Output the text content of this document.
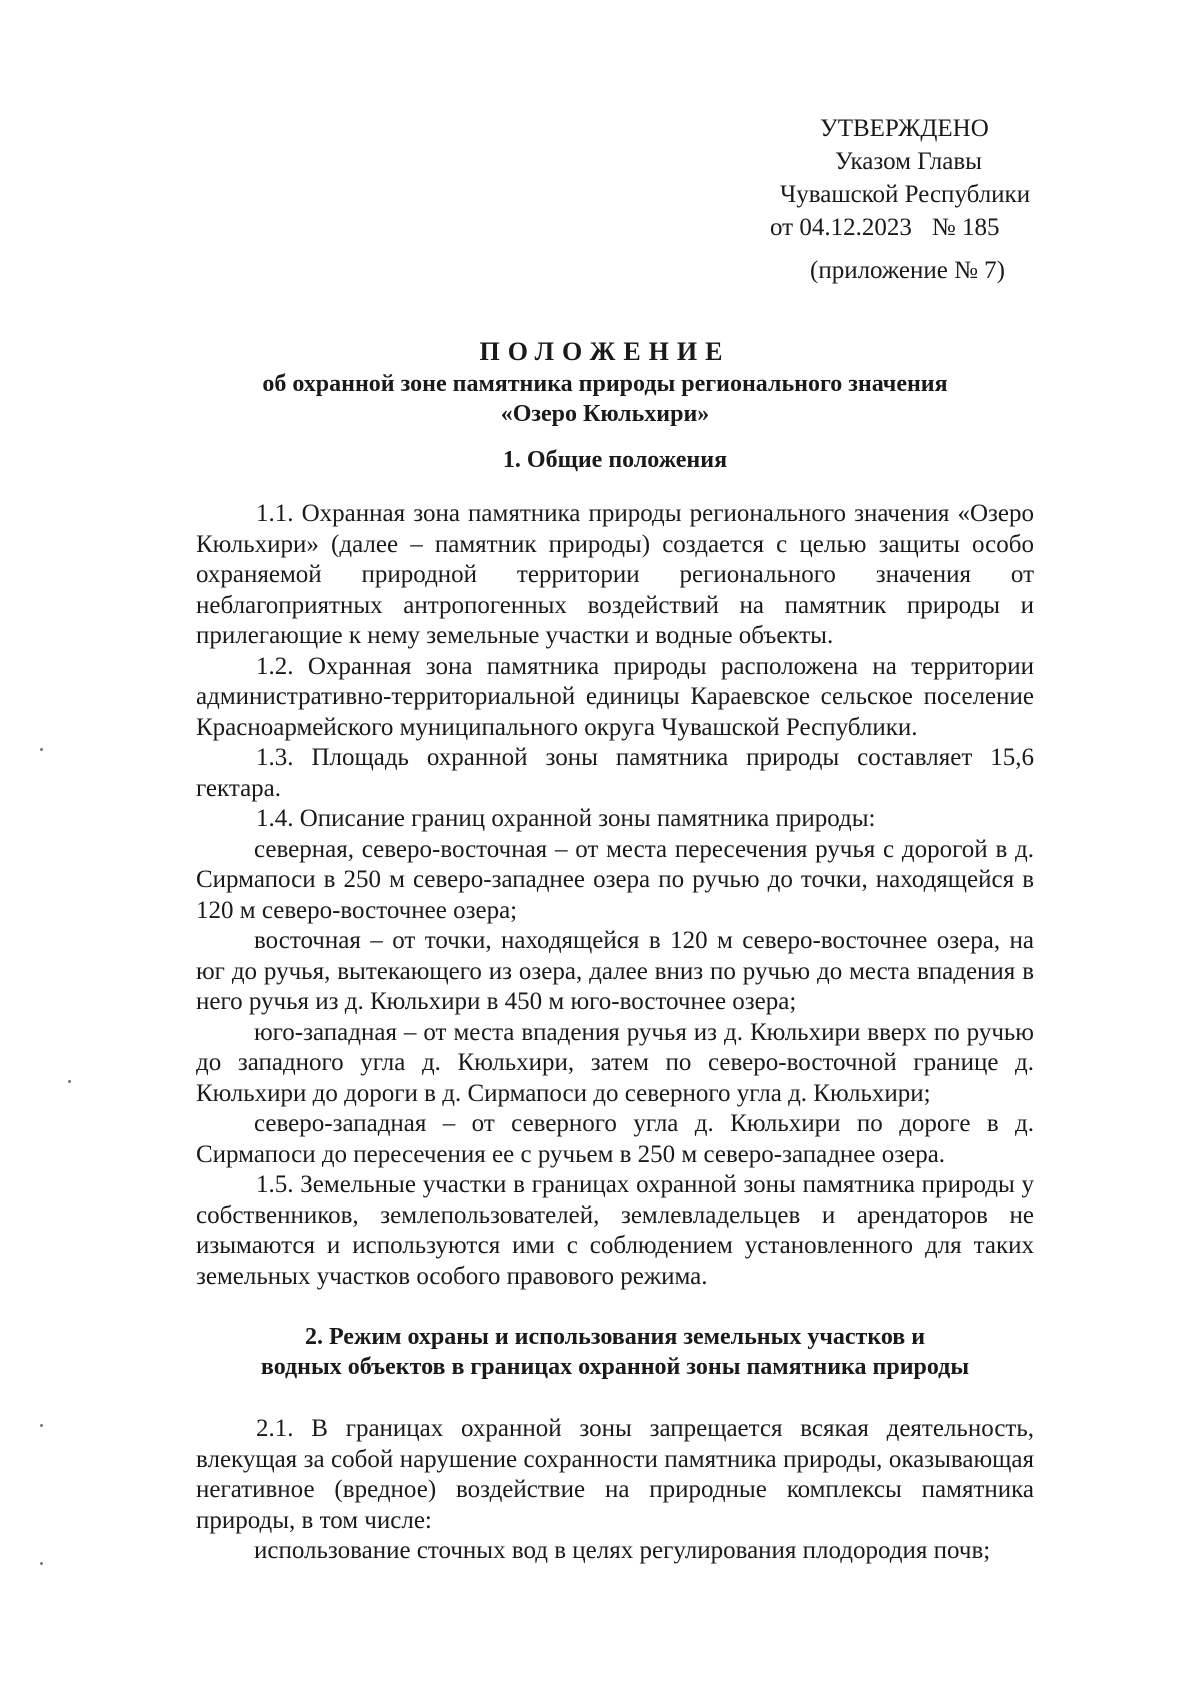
УТВЕРЖДЕНО
Указом Главы
Чувашской Республики
от 04.12.2023 № 185
(приложение № 7)
ПОЛОЖЕНИЕ
об охранной зоне памятника природы регионального значения
«Озеро Кюльхири»
1. Общие положения

1.1. Охранная зона памятника природы регионального значения «Озеро Кюльхири» (далее – памятник природы) создается с целью защиты особо охраняемой природной территории регионального значения от неблагоприятных антропогенных воздействий на памятник природы и прилегающие к нему земельные участки и водные объекты.

1.2. Охранная зона памятника природы расположена на территории административно-территориальной единицы Караевское сельское поселение Красноармейского муниципального округа Чувашской Республики.

1.3. Площадь охранной зоны памятника природы составляет 15,6 гектара.

1.4. Описание границ охранной зоны памятника природы:

северная, северо-восточная – от места пересечения ручья с дорогой в д. Сирмапоси в 250 м северо-западнее озера по ручью до точки, находящейся в 120 м северо-восточнее озера;

восточная – от точки, находящейся в 120 м северо-восточнее озера, на юг до ручья, вытекающего из озера, далее вниз по ручью до места впадения в него ручья из д. Кюльхири в 450 м юго-восточнее озера;

юго-западная – от места впадения ручья из д. Кюльхири вверх по ручью до западного угла д. Кюльхири, затем по северо-восточной границе д. Кюльхири до дороги в д. Сирмапоси до северного угла д. Кюльхири;

северо-западная – от северного угла д. Кюльхири по дороге в д. Сирмапоси до пересечения ее с ручьем в 250 м северо-западнее озера.

1.5. Земельные участки в границах охранной зоны памятника природы у собственников, землепользователей, землевладельцев и арендаторов не изымаются и используются ими с соблюдением установленного для таких земельных участков особого правового режима.

2. Режим охраны и использования земельных участков и
водных объектов в границах охранной зоны памятника природы

2.1. В границах охранной зоны запрещается всякая деятельность, влекущая за собой нарушение сохранности памятника природы, оказывающая негативное (вредное) воздействие на природные комплексы памятника природы, в том числе:

использование сточных вод в целях регулирования плодородия почв;
